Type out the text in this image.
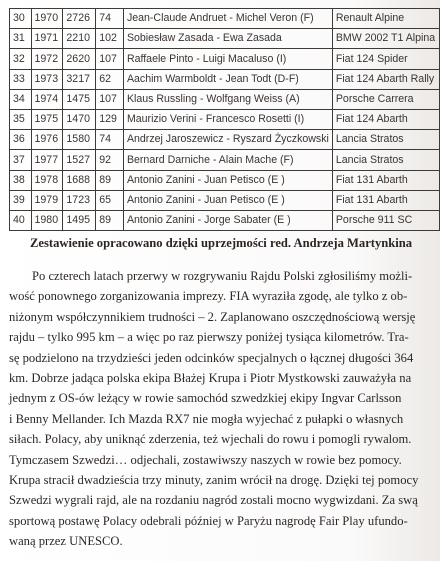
30	1970	2726	74	Jean-Claude Andruet - Michel Veron (F)	Renault Alpine
31	1971	2210	102	Sobiesław Zasada - Ewa Zasada	BMW 2002 T1 Alpina
32	1972	2620	107	Raffaele Pinto - Luigi Macaluso (I)	Fiat 124 Spider
33	1973	3217	62	Aachim Warmboldt - Jean Todt (D-F)	Fiat 124 Abarth Rally
34	1974	1475	107	Klaus Russling - Wolfgang Weiss (A)	Porsche Carrera
35	1975	1470	129	Maurizio Verini - Francesco Rosetti (I)	Fiat 124 Abarth
36	1976	1580	74	Andrzej Jaroszewicz - Ryszard Życzkowski	Lancia Stratos
37	1977	1527	92	Bernard Darniche - Alain Mache (F)	Lancia Stratos
38	1978	1688	89	Antonio Zanini - Juan Petisco (E )	Fiat 131 Abarth
39	1979	1723	65	Antonio Zanini - Juan Petisco (E )	Fiat 131 Abarth
40	1980	1495	89	Antonio Zanini - Jorge Sabater (E )	Porsche 911 SC
Zestawienie opracowano dzięki uprzejmości red. Andrzeja Martynkina
Po czterech latach przerwy w rozgrywaniu Rajdu Polski zgłosiliśmy możli-
wość ponownego zorganizowania imprezy. FIA wyraziła zgodę, ale tylko z ob-
niżonym współczynnikiem trudności – 2. Zaplanowano oszczędnościową wersję
rajdu – tylko 995 km – a więc po raz pierwszy poniżej tysiąca kilometrów. Tra-
sę podzielono na trzydzieści jeden odcinków specjalnych o łącznej długości 364
km. Dobrze jadąca polska ekipa Błażej Krupa i Piotr Mystkowski zauważyła na
jednym z OS-ów leżący w rowie samochód szwedzkiej ekipy Ingvar Carlsson
i Benny Mellander. Ich Mazda RX7 nie mogła wyjechać z pułapki o własnych
siłach. Polacy, aby uniknąć zderzenia, też wjechali do rowu i pomogli rywalom.
Tymczasem Szwedzi… odjechali, zostawiwszy naszych w rowie bez pomocy.
Krupa stracił dwadzieścia trzy minuty, zanim wrócił na drogę. Dzięki tej pomocy
Szwedzi wygrali rajd, ale na rozdaniu nagród zostali mocno wygwizdani. Za swą
sportową postawę Polacy odebrali później w Paryżu nagrodę Fair Play ufundo-
waną przez UNESCO.
